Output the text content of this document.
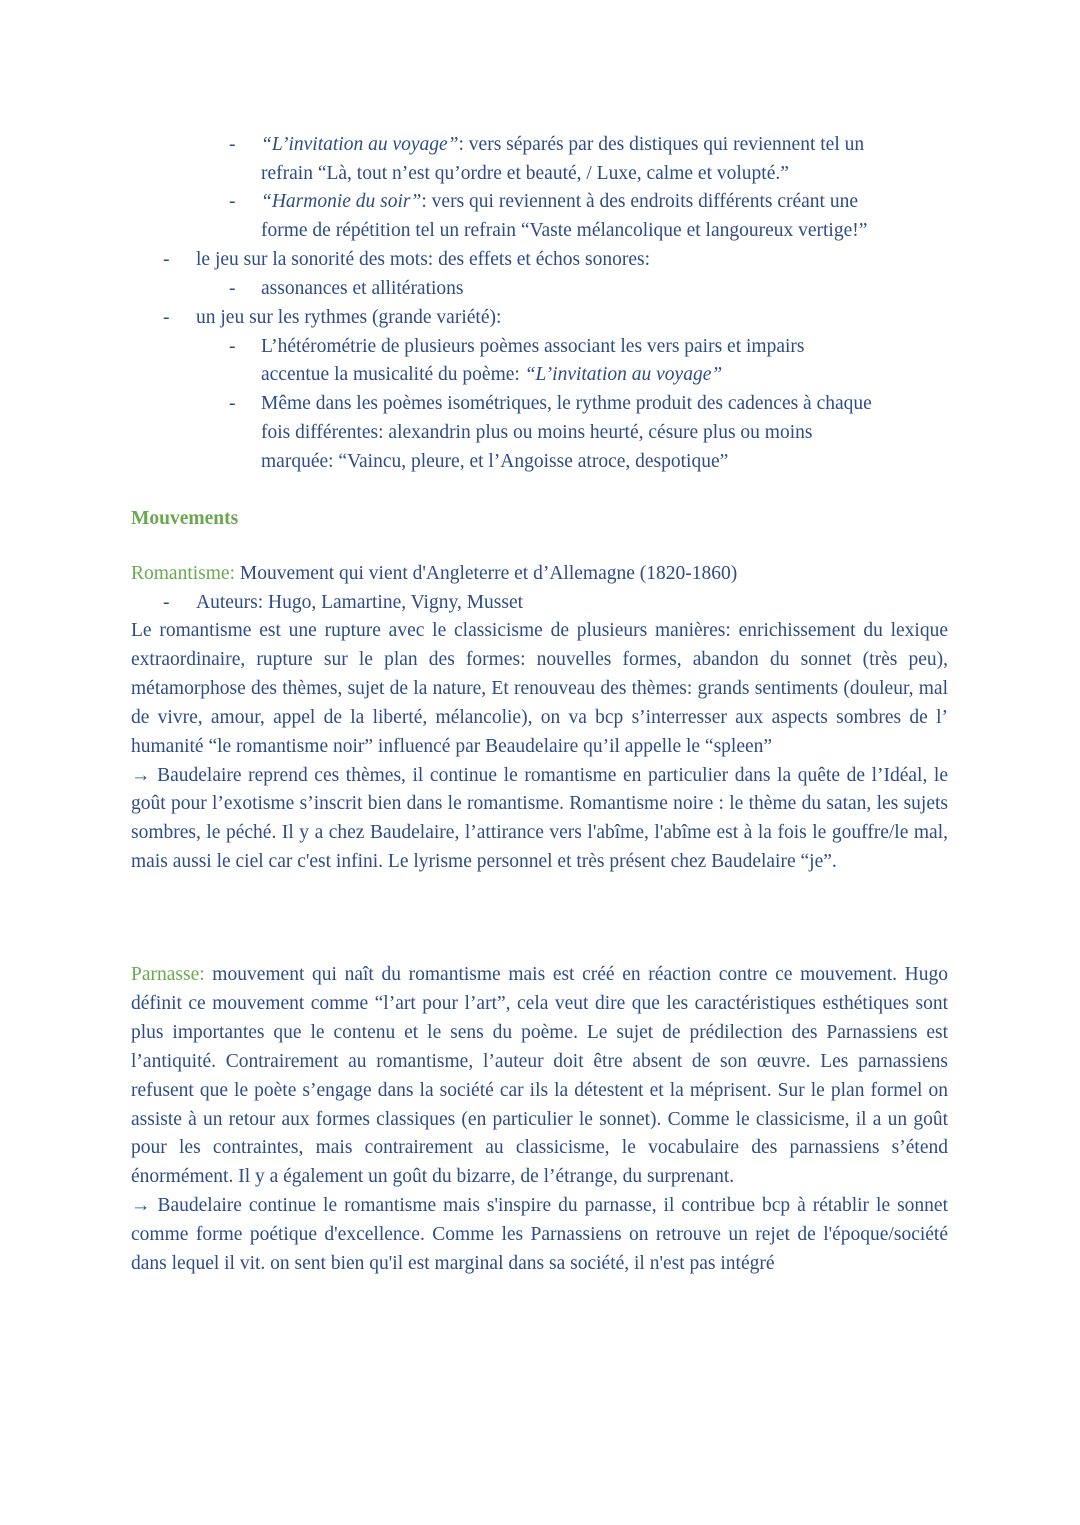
- “L’invitation au voyage”: vers séparés par des distiques qui reviennent tel un
refrain “Là, tout n’est qu’ordre et beauté, / Luxe, calme et volupté.”
- “Harmonie du soir”: vers qui reviennent à des endroits différents créant une
forme de répétition tel un refrain “Vaste mélancolique et langoureux vertige!”
- le jeu sur la sonorité des mots: des effets et échos sonores:
- assonances et allitérations
- un jeu sur les rythmes (grande variété):
- L’hétérométrie de plusieurs poèmes associant les vers pairs et impairs
accentue la musicalité du poème: “L’invitation au voyage”
- Même dans les poèmes isométriques, le rythme produit des cadences à chaque
fois différentes: alexandrin plus ou moins heurté, césure plus ou moins
marquée: “Vaincu, pleure, et l’Angoisse atroce, despotique”
Mouvements
Romantisme: Mouvement qui vient d'Angleterre et d’Allemagne (1820-1860)
- Auteurs: Hugo, Lamartine, Vigny, Musset

Le romantisme est une rupture avec le classicisme de plusieurs manières: enrichissement du lexique extraordinaire, rupture sur le plan des formes: nouvelles formes, abandon du sonnet (très peu), métamorphose des thèmes, sujet de la nature, Et renouveau des thèmes: grands sentiments (douleur, mal de vivre, amour, appel de la liberté, mélancolie), on va bcp s’interresser aux aspects sombres de l’ humanité “le romantisme noir” influencé par Beaudelaire qu’il appelle le “spleen”

→ Baudelaire reprend ces thèmes, il continue le romantisme en particulier dans la quête de l’Idéal, le goût pour l’exotisme s’inscrit bien dans le romantisme. Romantisme noire : le thème du satan, les sujets sombres, le péché. Il y a chez Baudelaire, l’attirance vers l'abîme, l'abîme est à la fois le gouffre/le mal, mais aussi le ciel car c'est infini. Le lyrisme personnel et très présent chez Baudelaire “je”.

Parnasse: mouvement qui naît du romantisme mais est créé en réaction contre ce mouvement. Hugo définit ce mouvement comme “l’art pour l’art”, cela veut dire que les caractéristiques esthétiques sont plus importantes que le contenu et le sens du poème. Le sujet de prédilection des Parnassiens est l’antiquité. Contrairement au romantisme, l’auteur doit être absent de son œuvre. Les parnassiens refusent que le poète s’engage dans la société car ils la détestent et la méprisent. Sur le plan formel on assiste à un retour aux formes classiques (en particulier le sonnet). Comme le classicisme, il a un goût pour les contraintes, mais contrairement au classicisme, le vocabulaire des parnassiens s’étend énormément. Il y a également un goût du bizarre, de l’étrange, du surprenant.

→ Baudelaire continue le romantisme mais s'inspire du parnasse, il contribue bcp à rétablir le sonnet comme forme poétique d'excellence. Comme les Parnassiens on retrouve un rejet de l'époque/société dans lequel il vit. on sent bien qu'il est marginal dans sa société, il n'est pas intégré
